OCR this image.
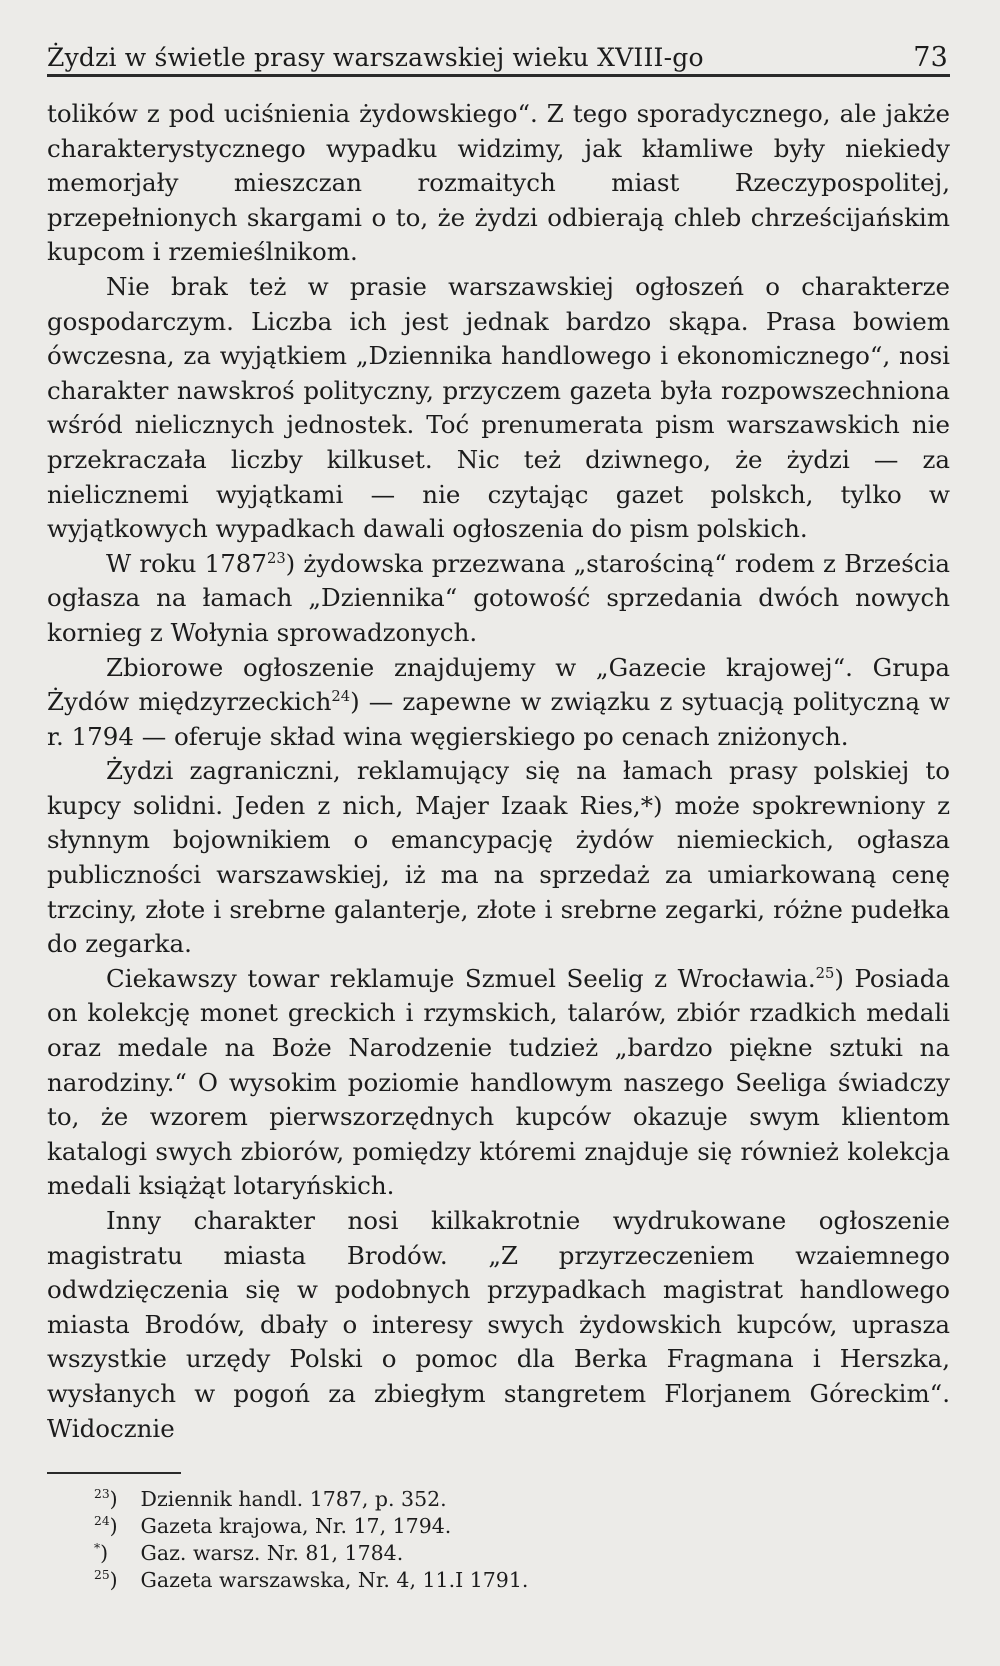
Żydzi w świetle prasy warszawskiej wieku XVIII-go	73

tolików z pod uciśnienia żydowskiego“. Z tego sporadycznego, ale jakże charakterystycznego wypadku widzimy, jak kłamliwe były niekiedy memorjały mieszczan rozmaitych miast Rzeczypospolitej, przepełnionych skargami o to, że żydzi odbierają chleb chrześcijańskim kupcom i rzemieślnikom.

Nie brak też w prasie warszawskiej ogłoszeń o charakterze gospodarczym. Liczba ich jest jednak bardzo skąpa. Prasa bowiem ówczesna, za wyjątkiem „Dziennika handlowego i ekonomicznego“, nosi charakter nawskroś polityczny, przyczem gazeta była rozpowszechniona wśród nielicznych jednostek. Toć prenumerata pism warszawskich nie przekraczała liczby kilkuset. Nic też dziwnego, że żydzi — za nielicznemi wyjątkami — nie czytając gazet polskch, tylko w wyjątkowych wypadkach dawali ogłoszenia do pism polskich.

W roku 1787$^{23}$) żydowska przezwana „starościną“ rodem z Brześcia ogłasza na łamach „Dziennika“ gotowość sprzedania dwóch nowych kornieg z Wołynia sprowadzonych.

Zbiorowe ogłoszenie znajdujemy w „Gazecie krajowej“. Grupa Żydów międzyrzeckich$^{24}$) — zapewne w związku z sytuacją polityczną w r. 1794 — oferuje skład wina węgierskiego po cenach zniżonych.

Żydzi zagraniczni, reklamujący się na łamach prasy polskiej to kupcy solidni. Jeden z nich, Majer Izaak Ries,*) może spokrewniony z słynnym bojownikiem o emancypację żydów niemieckich, ogłasza publiczności warszawskiej, iż ma na sprzedaż za umiarkowaną cenę trzciny, złote i srebrne galanterje, złote i srebrne zegarki, różne pudełka do zegarka.

Ciekawszy towar reklamuje Szmuel Seelig z Wrocławia.$^{25}$) Posiada on kolekcję monet greckich i rzymskich, talarów, zbiór rzadkich medali oraz medale na Boże Narodzenie tudzież „bardzo piękne sztuki na narodziny.“ O wysokim poziomie handlowym naszego Seeliga świadczy to, że wzorem pierwszorzędnych kupców okazuje swym klientom katalogi swych zbiorów, pomiędzy któremi znajduje się również kolekcja medali książąt lotaryńskich.

Inny charakter nosi kilkakrotnie wydrukowane ogłoszenie magistratu miasta Brodów. „Z przyrzeczeniem wzaiemnego odwdzięczenia się w podobnych przypadkach magistrat handlowego miasta Brodów, dbały o interesy swych żydowskich kupców, uprasza wszystkie urzędy Polski o pomoc dla Berka Fragmana i Herszka, wysłanych w pogoń za zbiegłym stangretem Florjanem Góreckim“. Widocznie

$^{23}$) Dziennik handl. 1787, p. 352.
$^{24}$) Gazeta krajowa, Nr. 17, 1794.
*) Gaz. warsz. Nr. 81, 1784.
$^{25}$) Gazeta warszawska, Nr. 4, 11.I 1791.
